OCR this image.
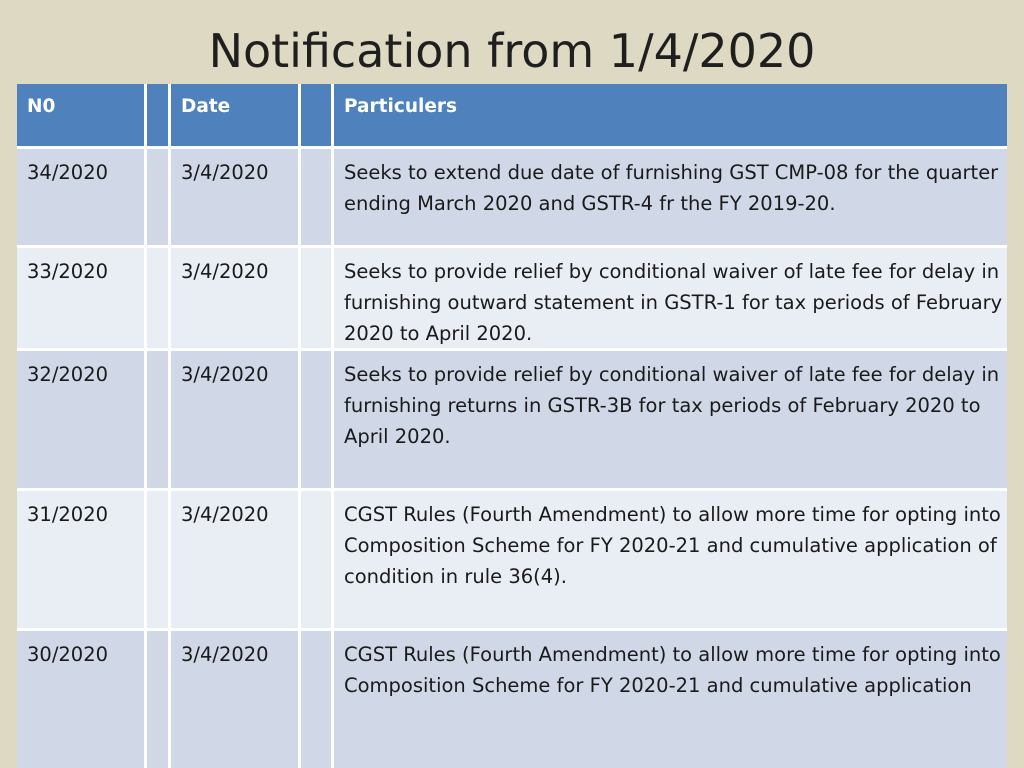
Notification from 1/4/2020
N0	Date	Particulers
34/2020	3/4/2020	Seeks to extend due date of furnishing GST CMP-08 for the quarter ending March 2020 and GSTR-4 fr the FY 2019-20.
33/2020	3/4/2020	Seeks to provide relief by conditional waiver of late fee for delay in furnishing outward statement in GSTR-1 for tax periods of February 2020 to April 2020.
32/2020	3/4/2020	Seeks to provide relief by conditional waiver of late fee for delay in furnishing returns in GSTR-3B for tax periods of February 2020 to April 2020.
31/2020	3/4/2020	CGST Rules (Fourth Amendment) to allow more time for opting into Composition Scheme for FY 2020-21 and cumulative application of condition in rule 36(4).
30/2020	3/4/2020	CGST Rules (Fourth Amendment) to allow more time for opting into Composition Scheme for FY 2020-21 and cumulative application
